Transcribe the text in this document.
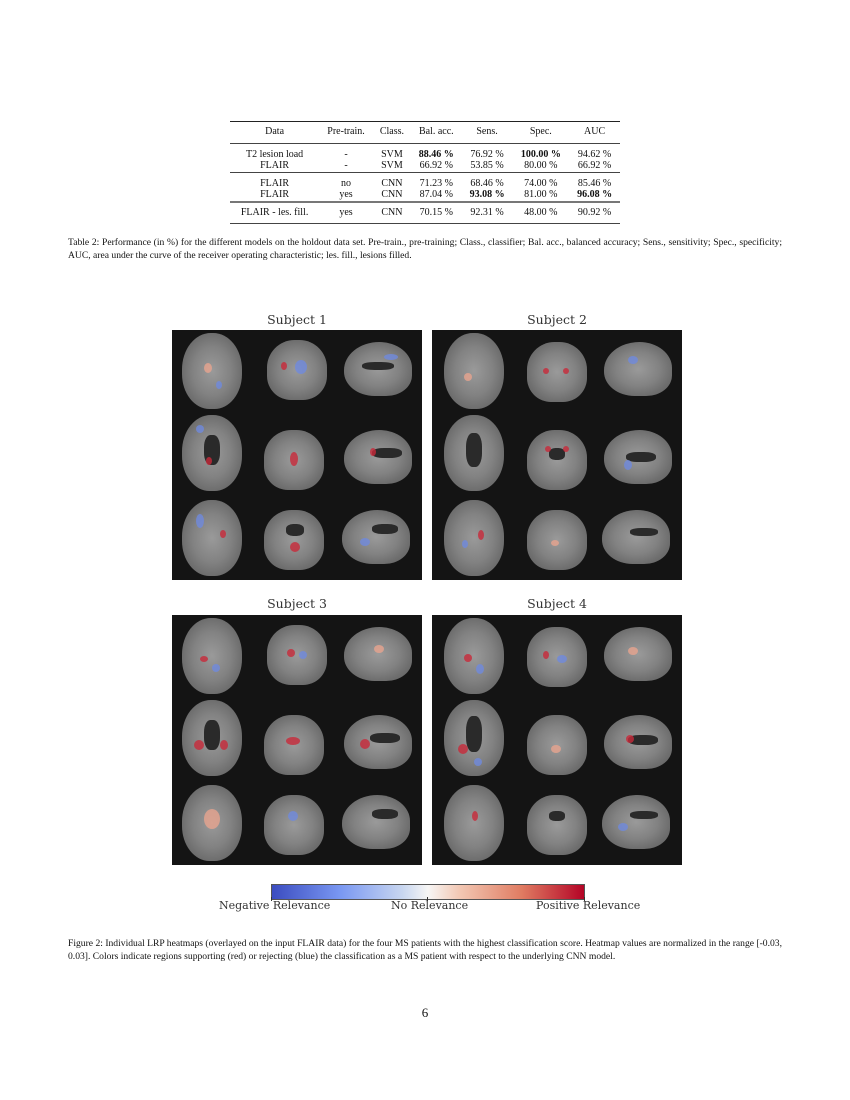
Data	Pre-train.	Class.	Bal. acc.	Sens.	Spec.	AUC
T2 lesion load	-	SVM	88.46 %	76.92 %	100.00 %	94.62 %
FLAIR	-	SVM	66.92 %	53.85 %	80.00 %	66.92 %
FLAIR	no	CNN	71.23 %	68.46 %	74.00 %	85.46 %
FLAIR	yes	CNN	87.04 %	93.08 %	81.00 %	96.08 %
FLAIR - les. fill.	yes	CNN	70.15 %	92.31 %	48.00 %	90.92 %
Table 2: Performance (in %) for the different models on the holdout data set. Pre-train., pre-training; Class., classifier; Bal. acc., balanced accuracy; Sens., sensitivity; Spec., specificity; AUC, area under the curve of the receiver operating characteristic; les. fill., lesions filled.
Subject 1	Subject 2
Subject 3	Subject 4
Negative Relevance	No Relevance	Positive Relevance
Figure 2: Individual LRP heatmaps (overlayed on the input FLAIR data) for the four MS patients with the highest classification score. Heatmap values are normalized in the range [-0.03, 0.03]. Colors indicate regions supporting (red) or rejecting (blue) the classification as a MS patient with respect to the underlying CNN model.
6
